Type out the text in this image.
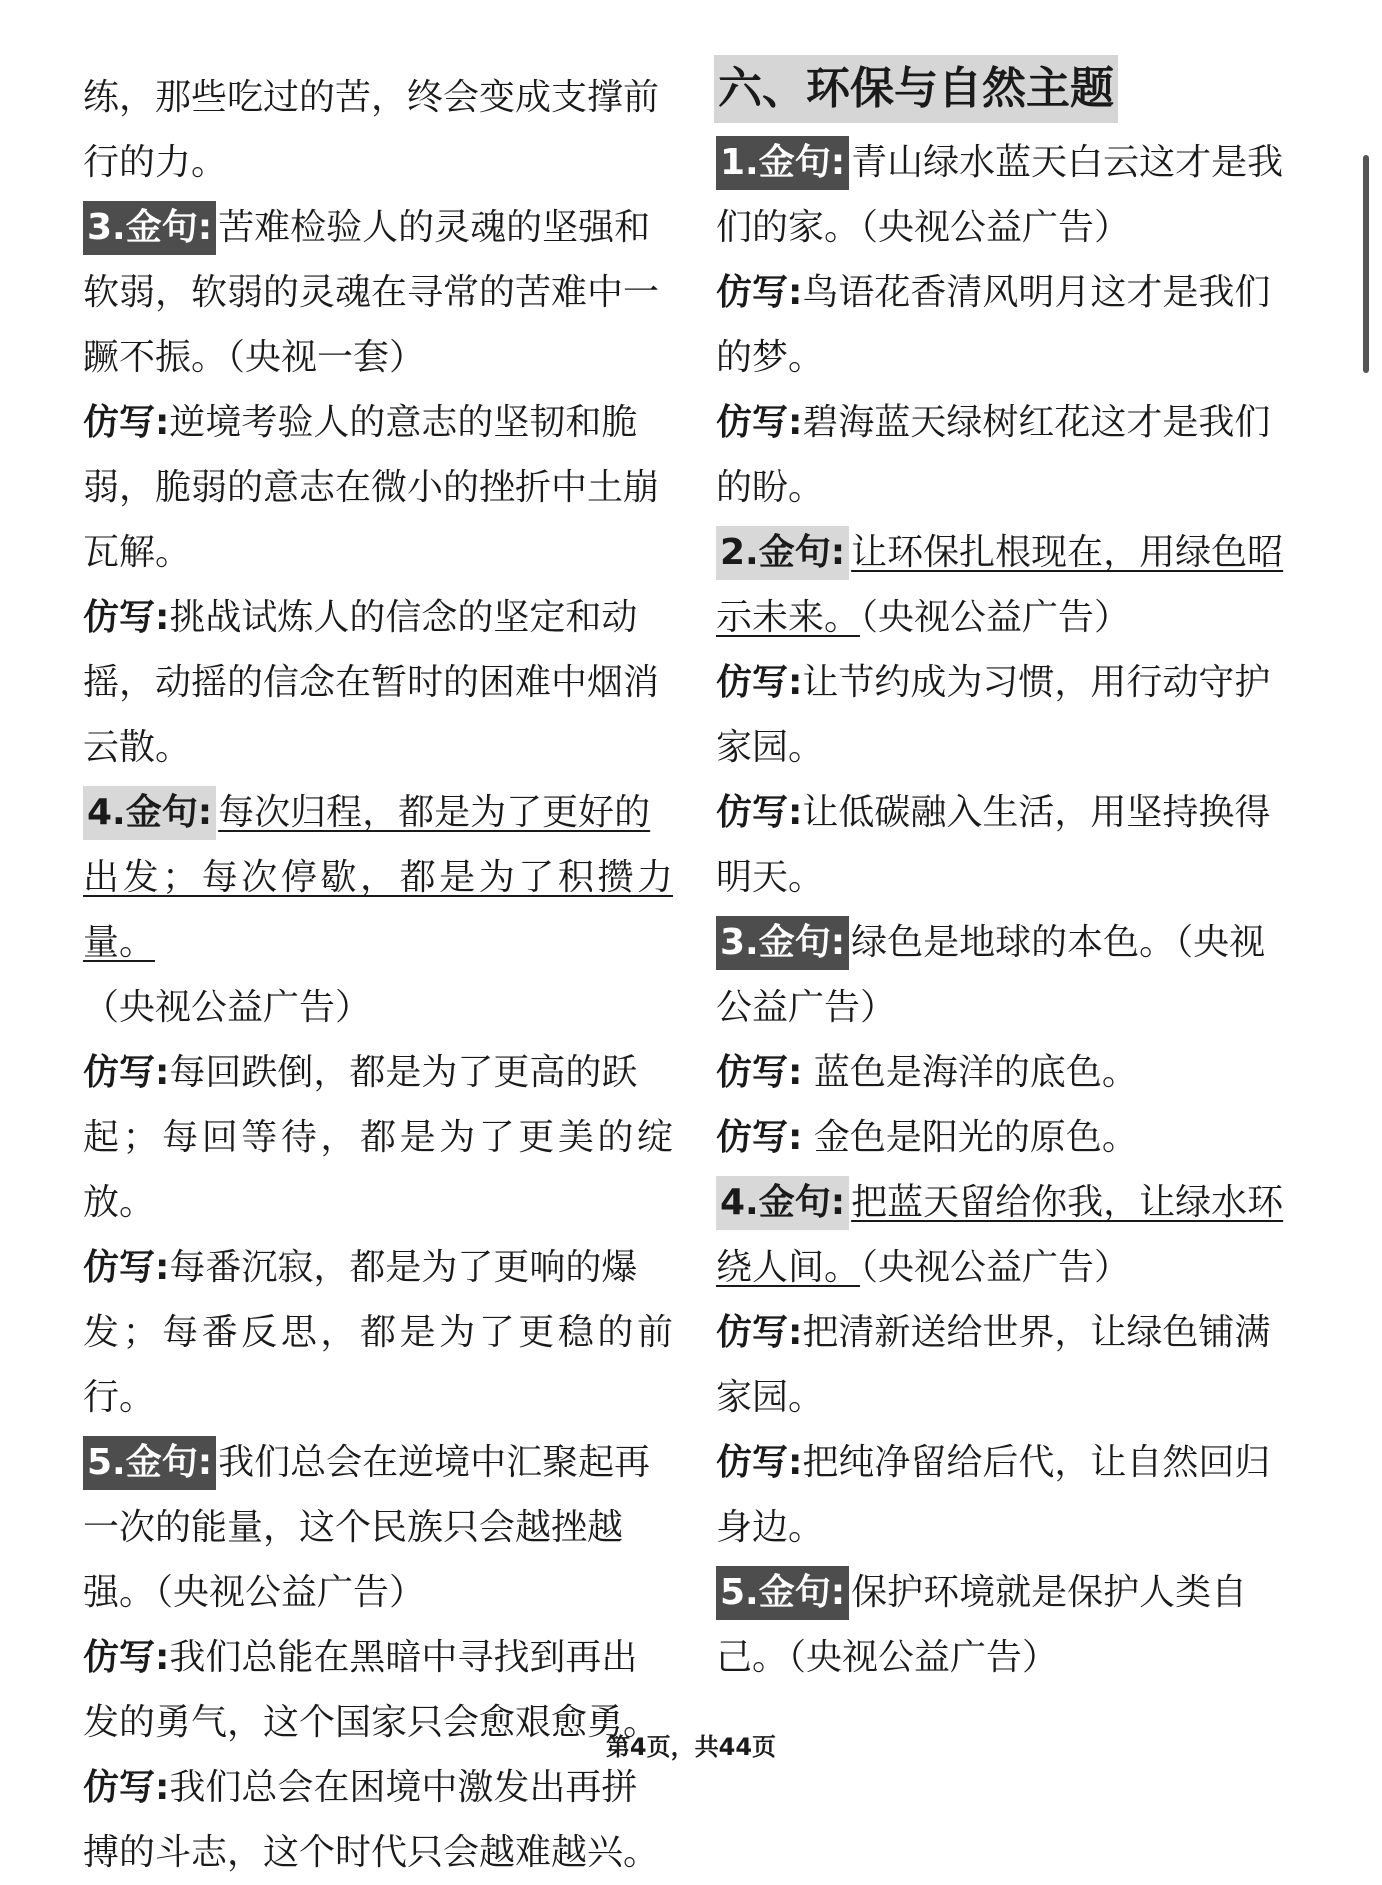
练，那些吃过的苦，终会变成支撑前

行的力。

3.金句: 苦难检验人的灵魂的坚强和

软弱，软弱的灵魂在寻常的苦难中一

蹶不振。（央视一套）

仿写:逆境考验人的意志的坚韧和脆

弱，脆弱的意志在微小的挫折中土崩

瓦解。

仿写:挑战试炼人的信念的坚定和动

摇，动摇的信念在暂时的困难中烟消

云散。

4.金句: 每次归程，都是为了更好的

出发；每次停歇，都是为了积攒力量。

（央视公益广告）

仿写:每回跌倒，都是为了更高的跃

起；每回等待，都是为了更美的绽放。

仿写:每番沉寂，都是为了更响的爆

发；每番反思，都是为了更稳的前行。

5.金句: 我们总会在逆境中汇聚起再

一次的能量，这个民族只会越挫越

强。（央视公益广告）

仿写:我们总能在黑暗中寻找到再出

发的勇气，这个国家只会愈艰愈勇。

仿写:我们总会在困境中激发出再拼

搏的斗志，这个时代只会越难越兴。

六、环保与自然主题

1.金句: 青山绿水蓝天白云这才是我

们的家。（央视公益广告）

仿写:鸟语花香清风明月这才是我们

的梦。

仿写:碧海蓝天绿树红花这才是我们

的盼。

2.金句: 让环保扎根现在，用绿色昭

示未来。（央视公益广告）

仿写:让节约成为习惯，用行动守护

家园。

仿写:让低碳融入生活，用坚持换得

明天。

3.金句: 绿色是地球的本色。（央视

公益广告）

仿写: 蓝色是海洋的底色。

仿写: 金色是阳光的原色。

4.金句: 把蓝天留给你我，让绿水环

绕人间。（央视公益广告）

仿写:把清新送给世界，让绿色铺满

家园。

仿写:把纯净留给后代，让自然回归

身边。

5.金句: 保护环境就是保护人类自

己。（央视公益广告）

第4页，共44页
